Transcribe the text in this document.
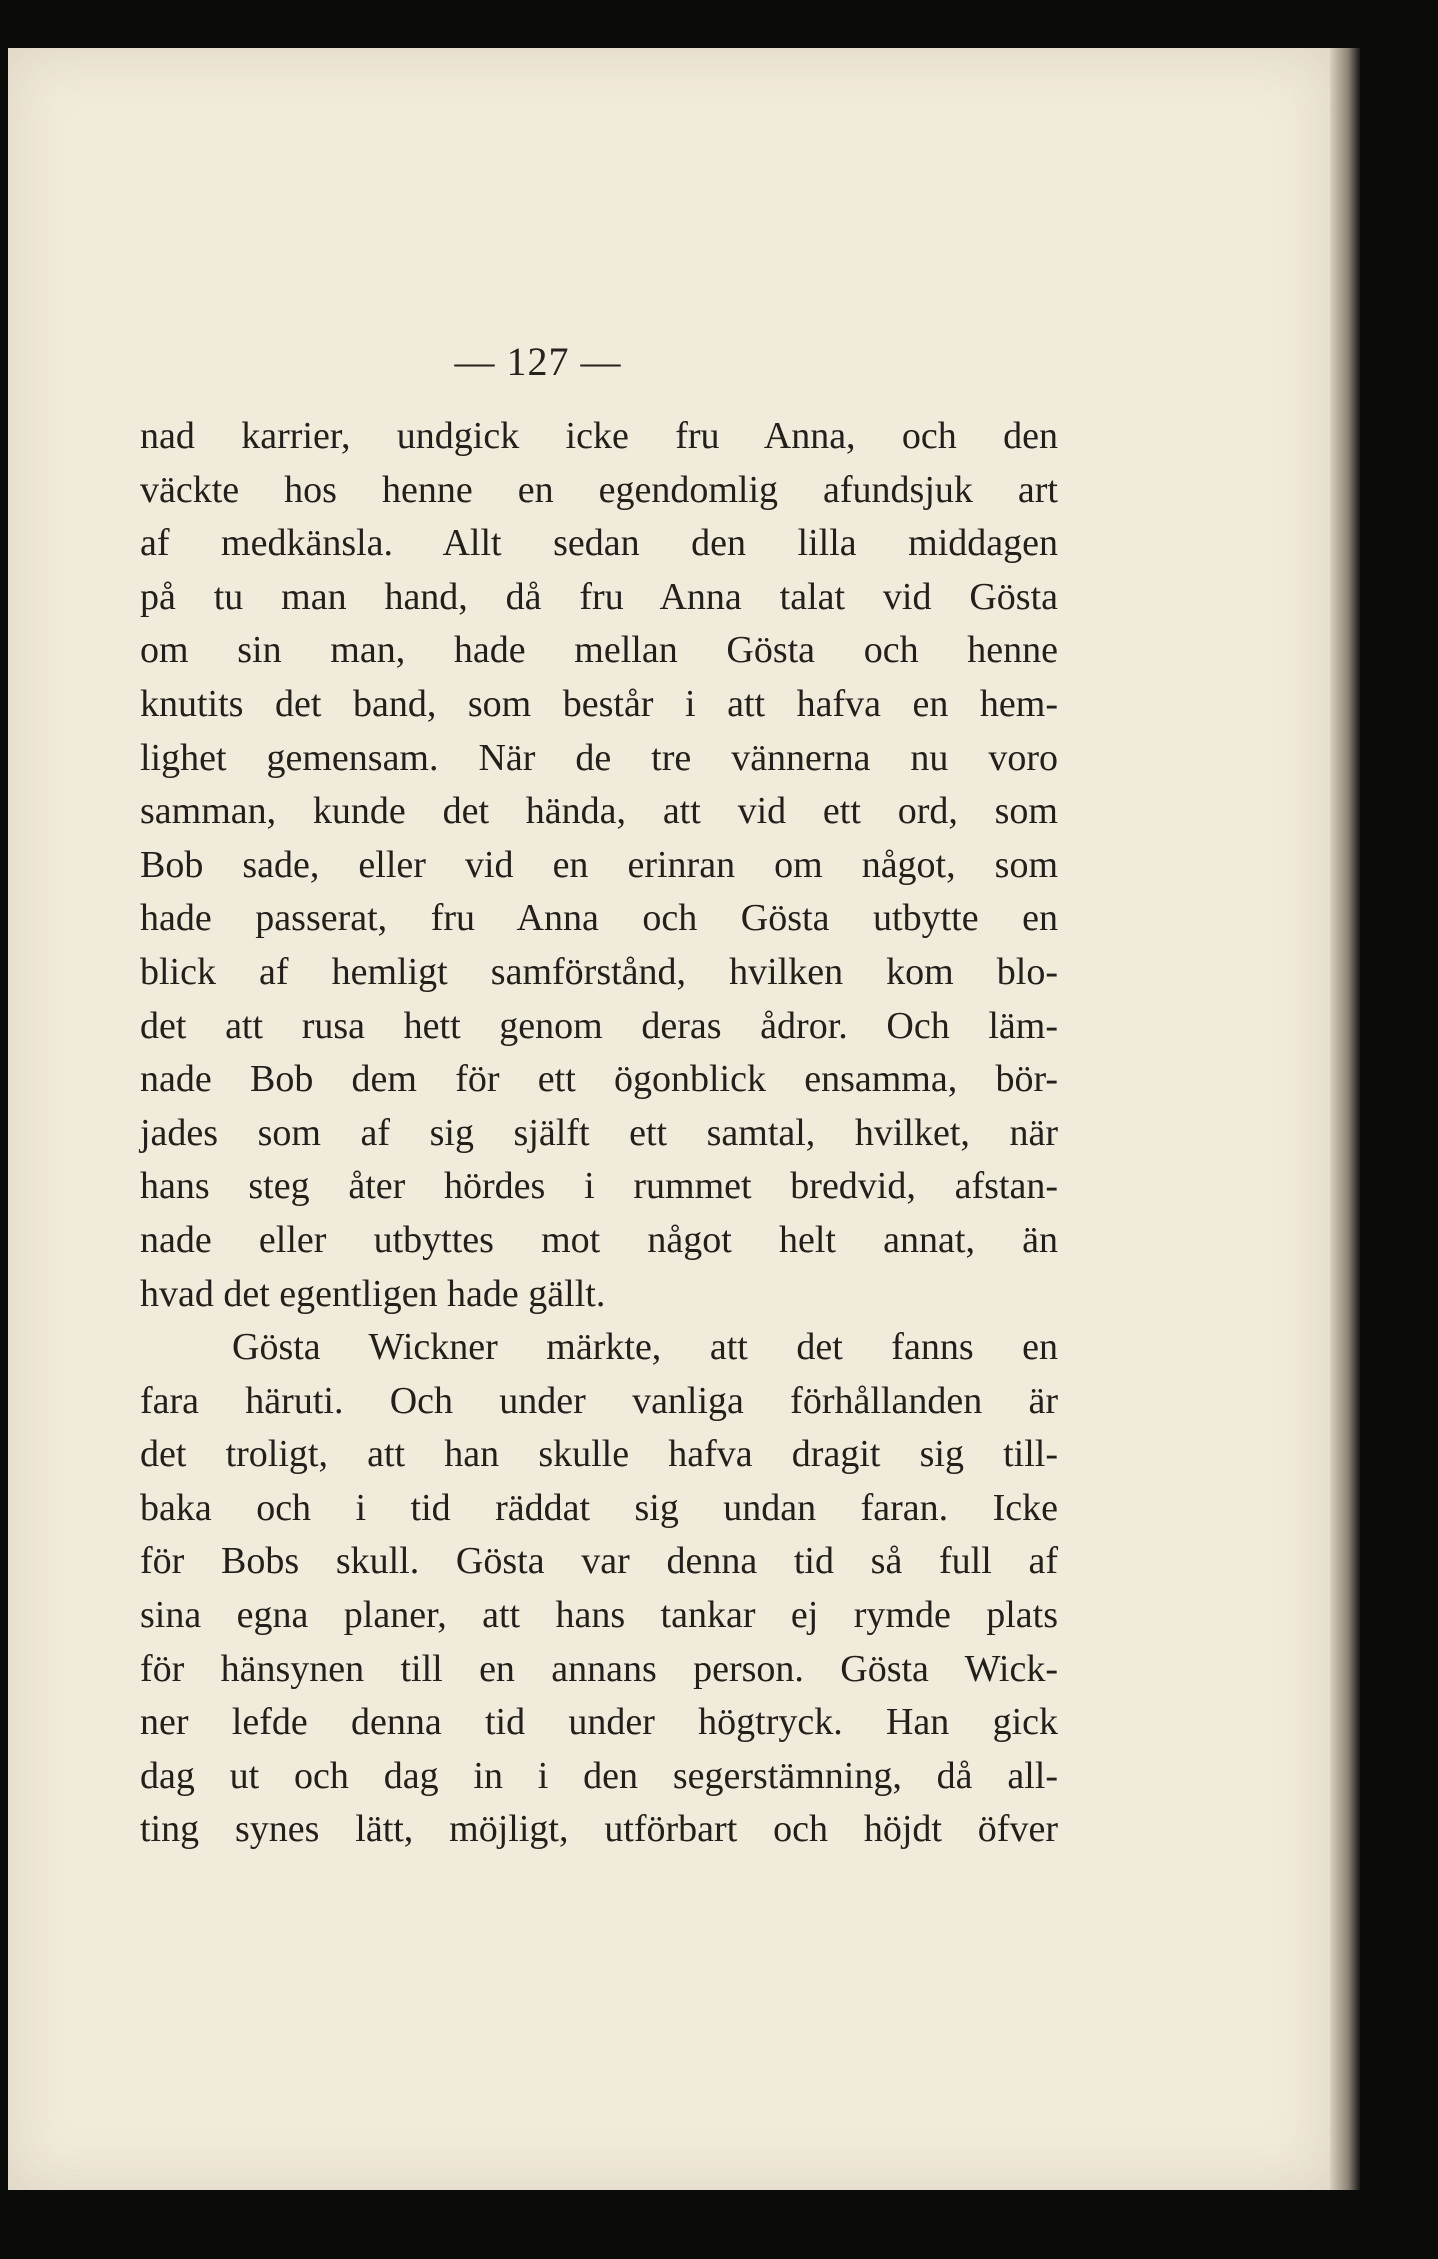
— 127 —
nad karrier, undgick icke fru Anna, och den
väckte hos henne en egendomlig afundsjuk art
af medkänsla. Allt sedan den lilla middagen
på tu man hand, då fru Anna talat vid Gösta
om sin man, hade mellan Gösta och henne
knutits det band, som består i att hafva en hem-
lighet gemensam. När de tre vännerna nu voro
samman, kunde det hända, att vid ett ord, som
Bob sade, eller vid en erinran om något, som
hade passerat, fru Anna och Gösta utbytte en
blick af hemligt samförstånd, hvilken kom blo-
det att rusa hett genom deras ådror. Och läm-
nade Bob dem för ett ögonblick ensamma, bör-
jades som af sig själft ett samtal, hvilket, när
hans steg åter hördes i rummet bredvid, afstan-
nade eller utbyttes mot något helt annat, än
hvad det egentligen hade gällt.
Gösta Wickner märkte, att det fanns en
fara häruti. Och under vanliga förhållanden är
det troligt, att han skulle hafva dragit sig till-
baka och i tid räddat sig undan faran. Icke
för Bobs skull. Gösta var denna tid så full af
sina egna planer, att hans tankar ej rymde plats
för hänsynen till en annans person. Gösta Wick-
ner lefde denna tid under högtryck. Han gick
dag ut och dag in i den segerstämning, då all-
ting synes lätt, möjligt, utförbart och höjdt öfver
